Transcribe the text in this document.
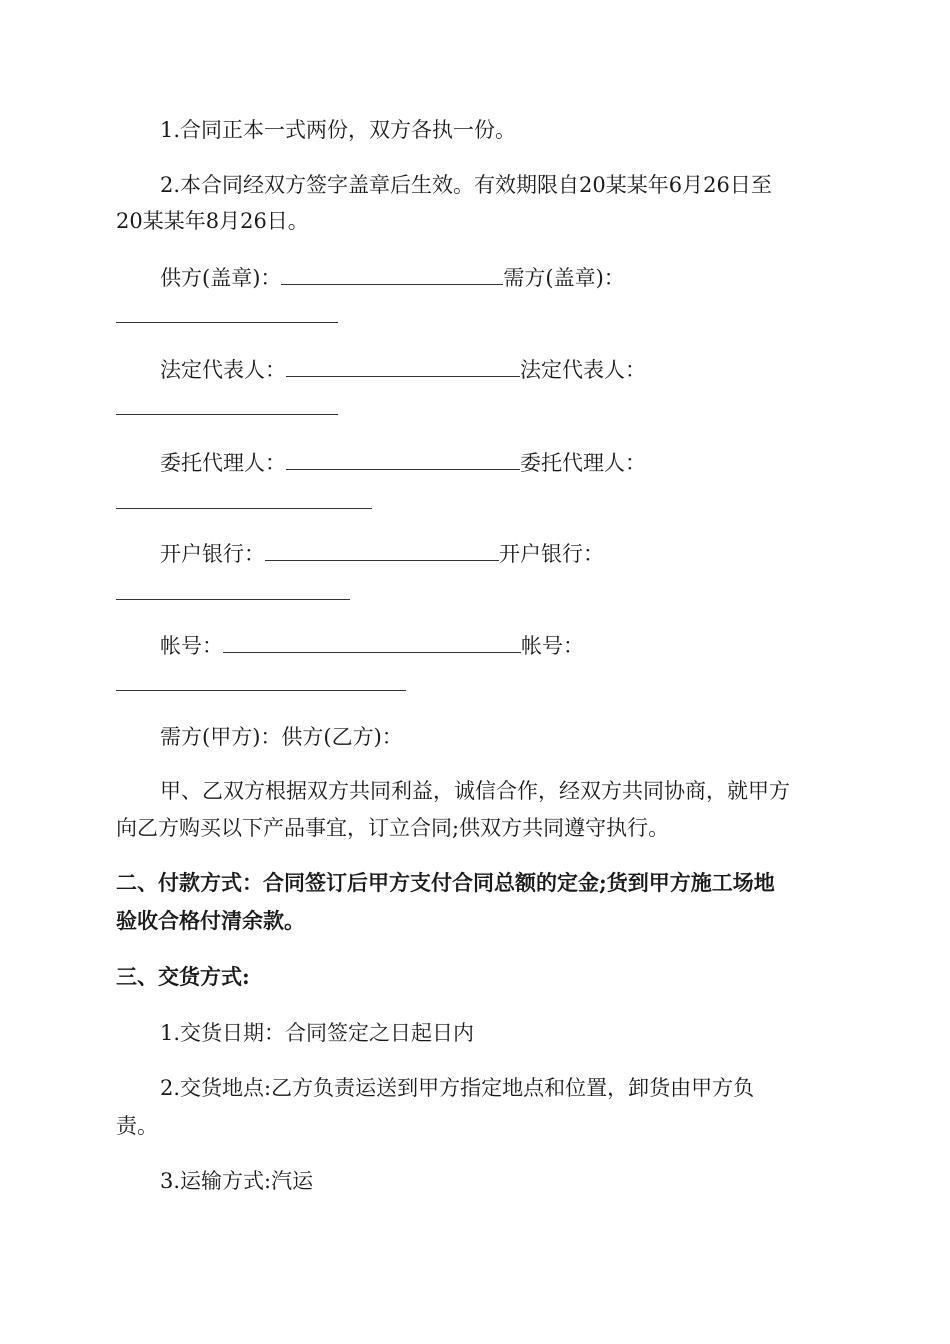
1.合同正本一式两份，双方各执一份。
2.本合同经双方签字盖章后生效。有效期限自20某某年6月26日至
20某某年8月26日。
供方(盖章)：	需方(盖章)：
法定代表人：	法定代表人：
委托代理人：	委托代理人：
开户银行：	开户银行：
帐号：	帐号：
需方(甲方)：供方(乙方)：
甲、乙双方根据双方共同利益，诚信合作，经双方共同协商，就甲方
向乙方购买以下产品事宜，订立合同;供双方共同遵守执行。
二、付款方式：合同签订后甲方支付合同总额的定金;货到甲方施工场地
验收合格付清余款。
三、交货方式:
1.交货日期：合同签定之日起日内
2.交货地点:乙方负责运送到甲方指定地点和位置，卸货由甲方负
责。
3.运输方式:汽运
